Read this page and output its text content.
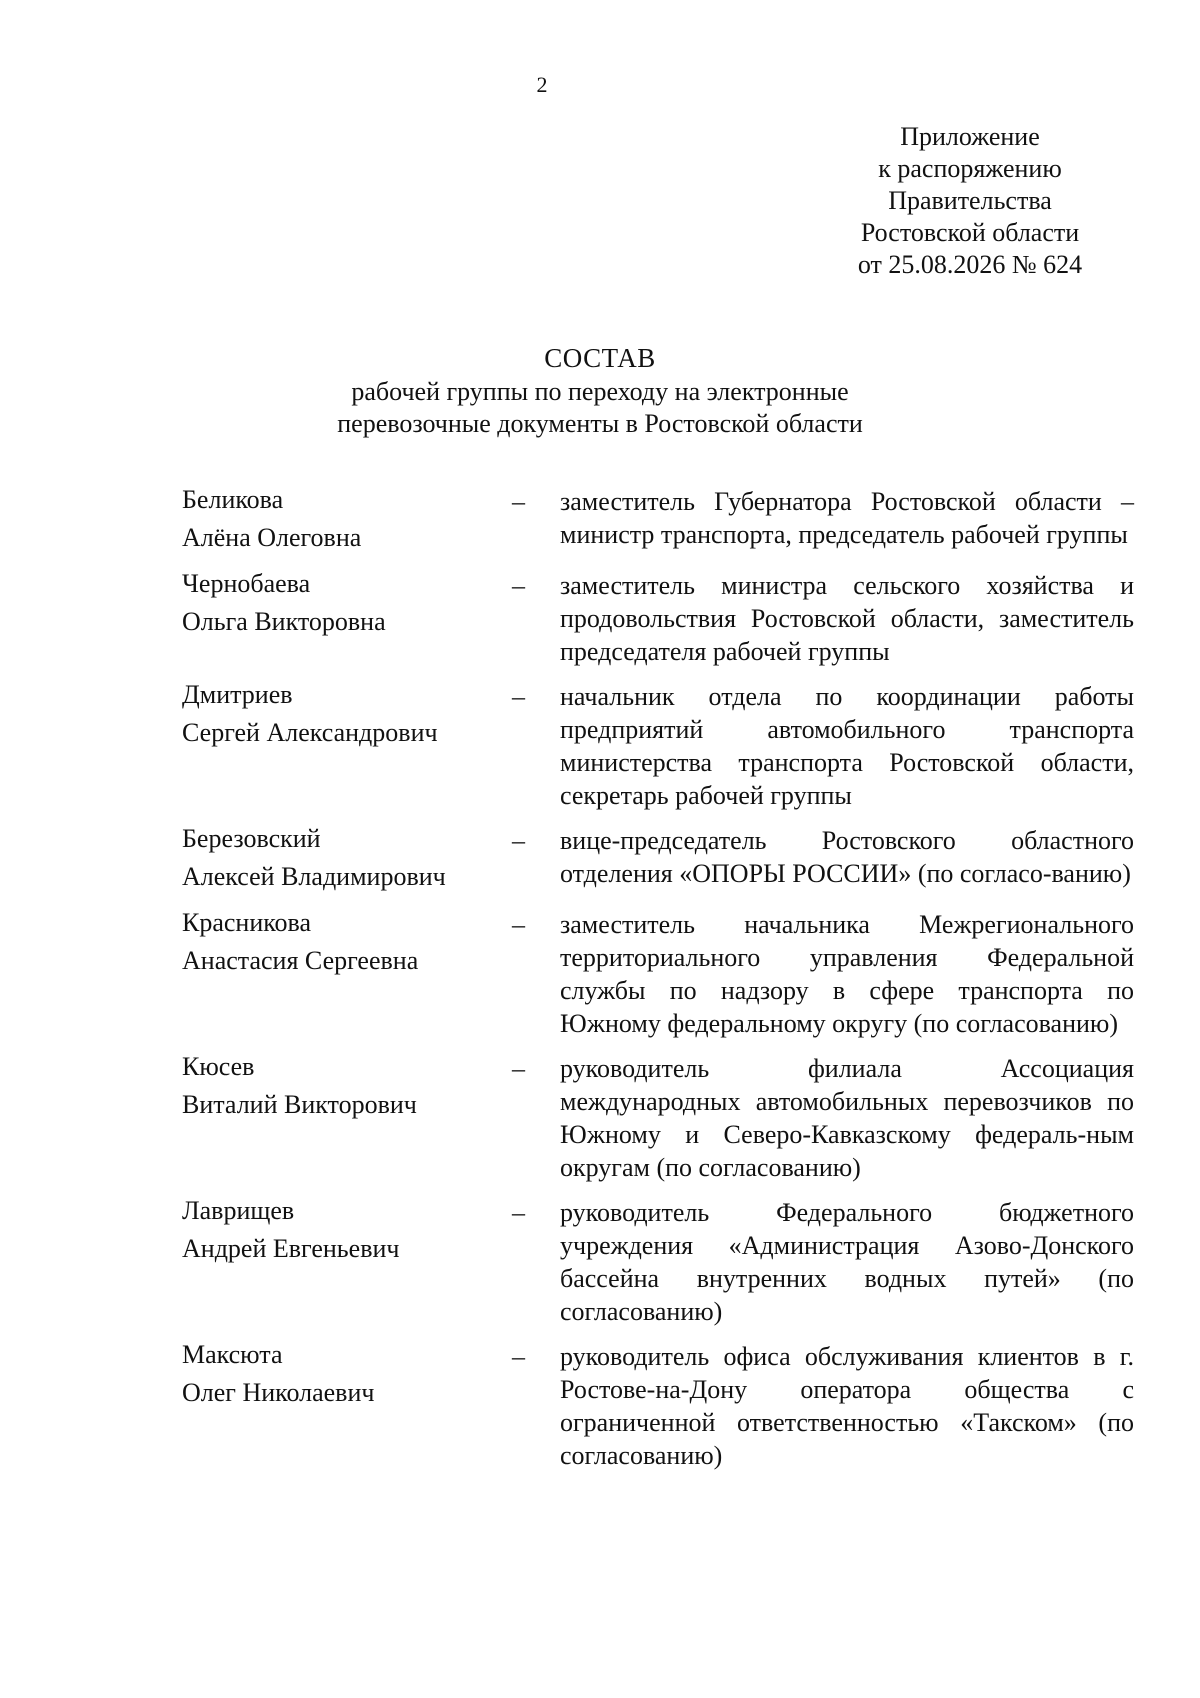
2
Приложение
к распоряжению
Правительства
Ростовской области
от 25.08.2026 № 624
СОСТАВ
рабочей группы по переходу на электронные
перевозочные документы в Ростовской области
Беликова
Алёна Олеговна
–	заместитель Губернатора Ростовской области – министр транспорта, председатель рабочей группы
Чернобаева
Ольга Викторовна
–	заместитель министра сельского хозяйства и продовольствия Ростовской области, заместитель председателя рабочей группы
Дмитриев
Сергей Александрович
–	начальник отдела по координации работы предприятий автомобильного транспорта министерства транспорта Ростовской области, секретарь рабочей группы
Березовский
Алексей Владимирович
–	вице-председатель Ростовского областного отделения «ОПОРЫ РОССИИ» (по согласо-ванию)
Красникова
Анастасия Сергеевна
–	заместитель начальника Межрегионального территориального управления Федеральной службы по надзору в сфере транспорта по Южному федеральному округу (по согласованию)
Кюсев
Виталий Викторович
–	руководитель филиала Ассоциация международных автомобильных перевозчиков по Южному и Северо-Кавказскому федераль-ным округам (по согласованию)
Лаврищев
Андрей Евгеньевич
–	руководитель Федерального бюджетного учреждения «Администрация Азово-Донского бассейна внутренних водных путей» (по согласованию)
Максюта
Олег Николаевич
–	руководитель офиса обслуживания клиентов в г. Ростове-на-Дону оператора общества с ограниченной ответственностью «Такском» (по согласованию)
